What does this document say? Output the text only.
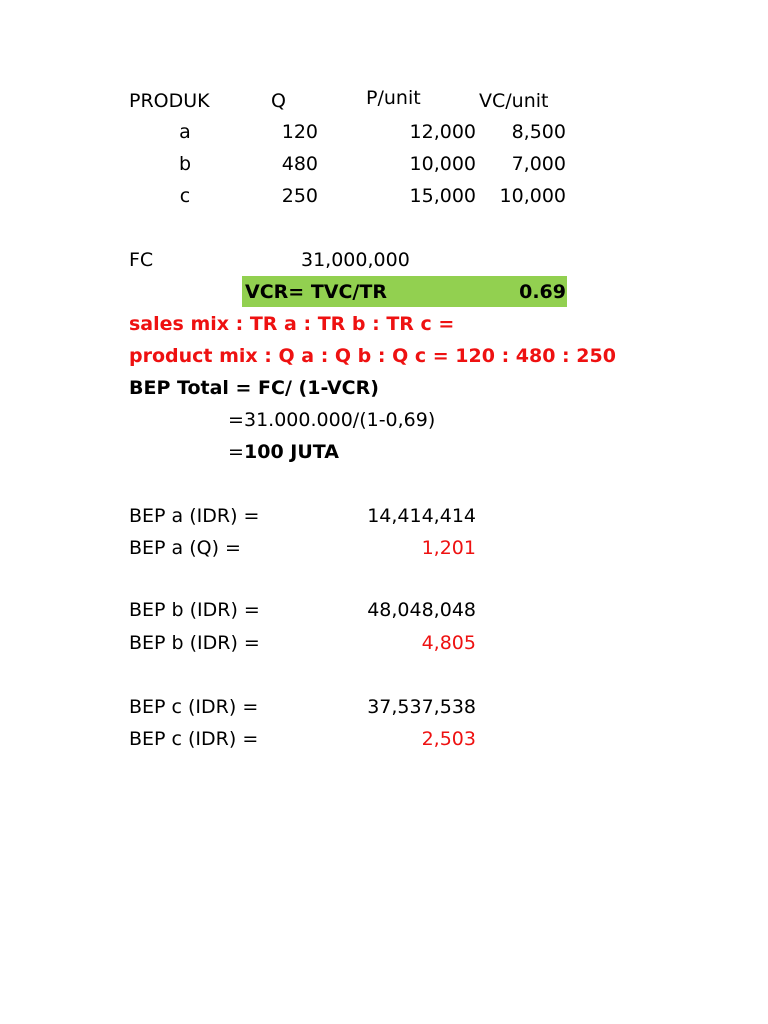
PRODUK	Q	P/unit	VC/unit
a	120	12,000	8,500
b	480	10,000	7,000
c	250	15,000	10,000
FC	31,000,000
VCR= TVC/TR	0.69
sales mix : TR a : TR b : TR c =
product mix : Q a : Q b : Q c = 120 : 480 : 250
BEP Total = FC/ (1-VCR)
= 31.000.000/(1-0,69)
= 100 JUTA
BEP a (IDR) =	14,414,414
BEP a (Q) =	1,201
BEP b (IDR) =	48,048,048
BEP b (IDR) =	4,805
BEP c (IDR) =	37,537,538
BEP c (IDR) =	2,503
